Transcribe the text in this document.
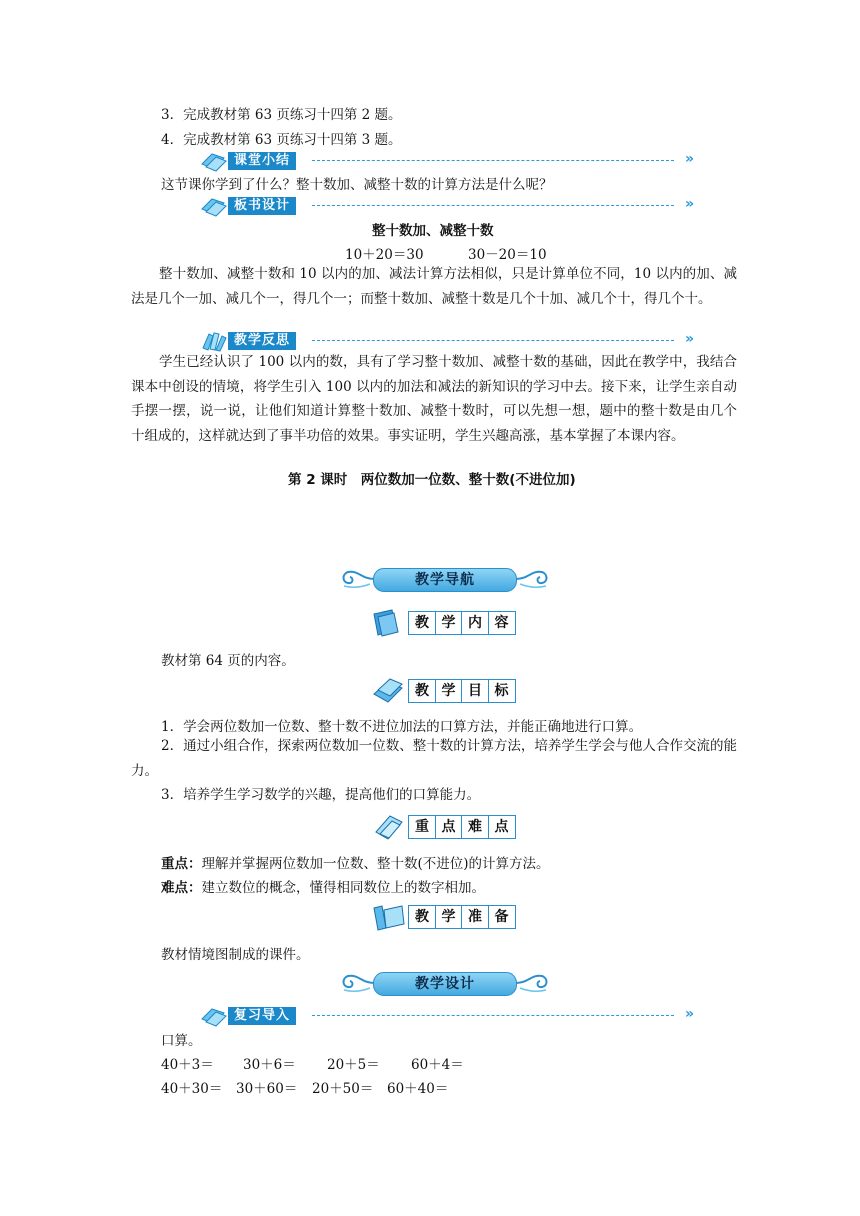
3．完成教材第 63 页练习十四第 2 题。
4．完成教材第 63 页练习十四第 3 题。
课堂小结	»
这节课你学到了什么？整十数加、减整十数的计算方法是什么呢？
板书设计	»
整十数加、减整十数
10＋20＝30	30－20＝10
整十数加、减整十数和 10 以内的加、减法计算方法相似，只是计算单位不同，10 以内的加、减法是几个一加、减几个一，得几个一；而整十数加、减整十数是几个十加、减几个十，得几个十。
教学反思	»
学生已经认识了 100 以内的数，具有了学习整十数加、减整十数的基础，因此在教学中，我结合课本中创设的情境，将学生引入 100 以内的加法和减法的新知识的学习中去。接下来，让学生亲自动手摆一摆，说一说，让他们知道计算整十数加、减整十数时，可以先想一想，题中的整十数是由几个十组成的，这样就达到了事半功倍的效果。事实证明，学生兴趣高涨，基本掌握了本课内容。
第 2 课时　两位数加一位数、整十数(不进位加)
教学导航
教 学 内 容
教材第 64 页的内容。
教 学 目 标
1．学会两位数加一位数、整十数不进位加法的口算方法，并能正确地进行口算。
2．通过小组合作，探索两位数加一位数、整十数的计算方法，培养学生学会与他人合作交流的能力。
3．培养学生学习数学的兴趣，提高他们的口算能力。
重 点 难 点
重点：理解并掌握两位数加一位数、整十数(不进位)的计算方法。
难点：建立数位的概念，懂得相同数位上的数字相加。
教 学 准 备
教材情境图制成的课件。
教学设计
复习导入	»
口算。
40＋3＝ 30＋6＝ 20＋5＝ 60＋4＝
40＋30＝ 30＋60＝ 20＋50＝ 60＋40＝
